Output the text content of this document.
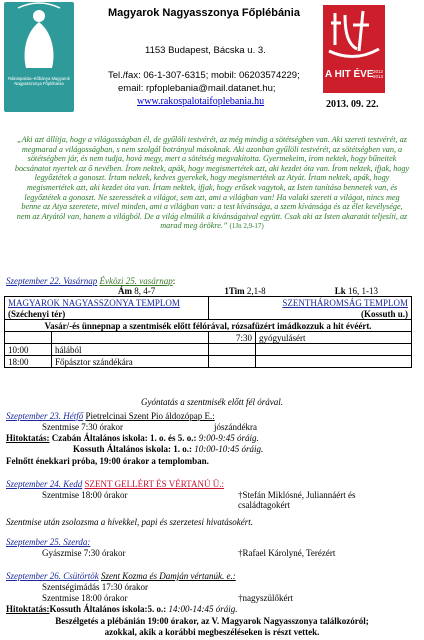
Rákospalota–Kőbánya Magyarok Nagyasszonya Főplébánia
A HIT ÉVE 2012
2013
Magyarok Nagyasszonya Főplébánia
1153 Budapest, Bácska u. 3.
Tel./fax: 06-1-307-6315; mobil: 06203574229;
email: rpfoplebania@mail.datanet.hu;
www.rakospalotaifoplebania.hu	2013. 09. 22.
„Aki azt állítja, hogy a világosságban él, de gyűlöli testvérét, az még mindig a sötétségben van. Aki szereti testvérét, az megmarad a világosságban, s nem szolgál botrányul másoknak. Aki azonban gyűlöli testvérét, az sötétségben van, a sötétségben jár, és nem tudja, hová megy, mert a sötétség megvakította. Gyermekeim, írom nektek, hogy bűneitek bocsánatot nyertek az ő nevében. Írom nektek, apák, hogy megismertétek azt, aki kezdet óta van. Írom nektek, ifjak, hogy legyőztétek a gonoszt. Írtam nektek, kedves gyerekek, hogy megismertétek az Atyát. Írtam nektek, apák, hogy megismertétek azt, aki kezdet óta van. Írtam nektek, ifjak, hogy erősek vagytok, az Isten tanítása bennetek van, és legyőztétek a gonoszt. Ne szeressétek a világot, sem azt, ami a világban van! Ha valaki szereti a világot, nincs meg benne az Atya szeretete, mivel minden, ami a világban van: a test kívánsága, a szem kívánsága és az élet kevélysége, nem az Atyától van, hanem a világból. De a világ elmúlik a kívánságaival együtt. Csak aki az Isten akaratát teljesíti, az marad meg örökre.” (1Jn 2,9-17)
Szeptember 22. Vasárnap Évközi 25. vasárnap:
Ám 8, 4-7	1Tim 2,1-8	Lk 16, 1-13
MAGYAROK NAGYASSZONYA TEMPLOM		SZENTHÁROMSÁG TEMPLOM	
(Széchenyi tér)		(Kossuth u.)	
Vasár/-és ünnepnap a szentmisék előtt félórával, rózsafüzért imádkozzuk a hit évéért.			
		7:30	gyógyulásért
10:00	hálából		
18:00	Főpásztor szándékára		
Gyóntatás a szentmisék előtt fél órával.
Szeptember 23. Hétfő Pietrelcinai Szent Pio áldozópap E.:
Szentmise 7:30 órakor	jószándékra
Hitoktatás: Czabán Általános iskola: 1. o. és 5. o.: 9:00-9:45 óráig.
Kossuth Általános iskola: 1. o.: 10:00-10:45 óráig.
Felnőtt énekkari próba, 19:00 órakor a templomban.
Szeptember 24. Kedd SZENT GELLÉRT ÉS VÉRTANÚ Ü.:
Szentmise 18:00 órakor	†Stefán Miklósné, Juliannáért és családtagokért
Szentmise után zsolozsma a hívekkel, papi és szerzetesi hivatásokért.
Szeptember 25. Szerda:
Gyászmise 7:30 órakor	†Rafael Károlyné, Terézért
Szeptember 26. Csütörtök Szent Kozma és Damján vértanúk. e.:
Szentségimádás 17:30 órakor
Szentmise 18:00 órakor	†nagyszülőkért
Hitoktatás:Kossuth Általános iskola:5. o.: 14:00-14:45 óráig.
Beszélgetés a plébánián 19:00 órakor, az V. Magyarok Nagyasszonya találkozóról;
azokkal, akik a korábbi megbeszéléseken is részt vettek.
